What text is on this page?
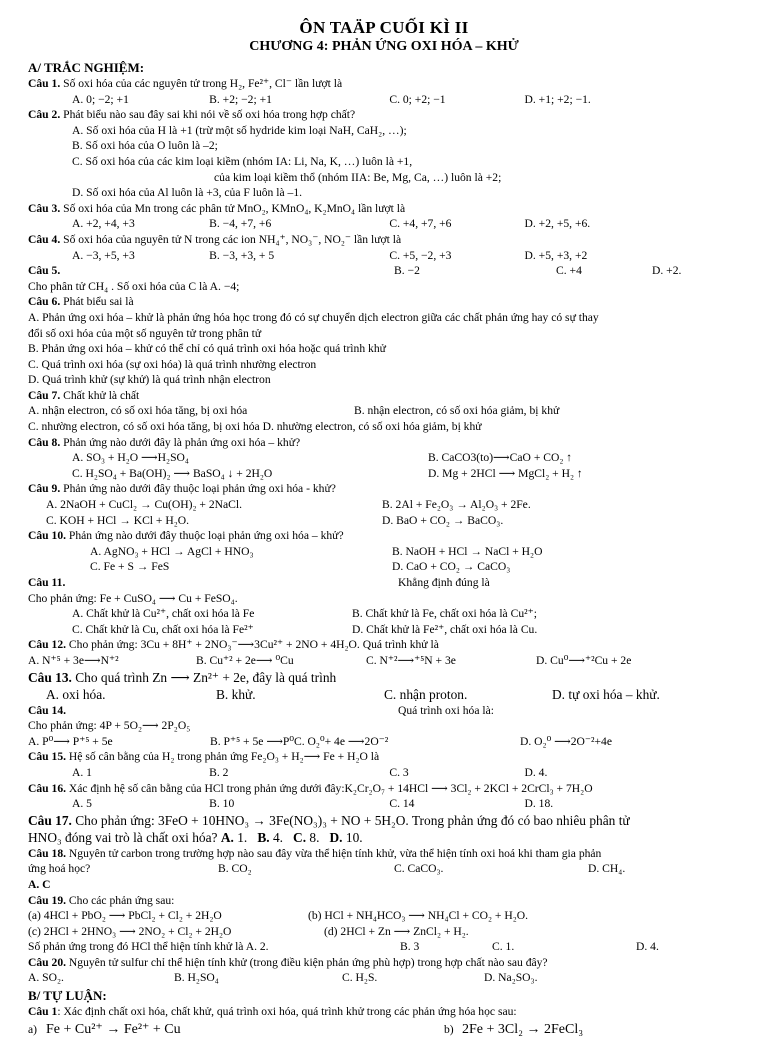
ÔN TAÄP CUỐI KÌ II
CHƯƠNG 4: PHẢN ỨNG OXI HÓA – KHỬ
A/ TRẮC NGHIỆM:
Câu 1. Số oxi hóa của các nguyên tử trong H₂, Fe²⁺, Cl⁻ lần lượt là
A. 0; −2; +1	B. +2; −2; +1	C. 0; +2; −1	D. +1; +2; −1.
Câu 2. Phát biểu nào sau đây sai khi nói về số oxi hóa trong hợp chất?
A. Số oxi hóa của H là +1 (trừ một số hydride kim loại NaH, CaH₂, …);
B. Số oxi hóa của O luôn là –2;
C. Số oxi hóa của các kim loại kiềm (nhóm IA: Li, Na, K, …) luôn là +1,
của kim loại kiềm thổ (nhóm IIA: Be, Mg, Ca, …) luôn là +2;
D. Số oxi hóa của Al luôn là +3, của F luôn là –1.
Câu 3. Số oxi hóa của Mn trong các phân tử MnO₂, KMnO₄, K₂MnO₄ lần lượt là
A. +2, +4, +3	B. −4, +7, +6	C. +4, +7, +6	D. +2, +5, +6.
Câu 4. Số oxi hóa của nguyên tử N trong các ion NH₄⁺, NO₃⁻, NO₂⁻ lần lượt là
A. −3, +5, +3	B. −3, +3, + 5	C. +5, −2, +3	D. +5, +3, +2
Câu 5.
Cho phân tử CH₄ . Số oxi hóa của C là A. −4;
B. −2	C. +4	D. +2.
Câu 6. Phát biểu sai là
A. Phản ứng oxi hóa – khử là phản ứng hóa học trong đó có sự chuyển dịch electron giữa các chất phản ứng hay có sự thay
đổi số oxi hóa của một số nguyên tử trong phân tử
B. Phản ứng oxi hóa – khử có thể chỉ có quá trình oxi hóa hoặc quá trình khử
C. Quá trình oxi hóa (sự oxi hóa) là quá trình nhường electron
D. Quá trình khử (sự khử) là quá trình nhận electron
Câu 7. Chất khử là chất
A. nhận electron, có số oxi hóa tăng, bị oxi hóa	B. nhận electron, có số oxi hóa giảm, bị khử
C. nhường electron, có số oxi hóa tăng, bị oxi hóa D. nhường electron, có số oxi hóa giảm, bị khử
Câu 8. Phản ứng nào dưới đây là phản ứng oxi hóa – khử?
A. SO₃ + H₂O ⟶H₂SO₄	B. CaCO3(to)⟶CaO + CO₂ ↑
C. H₂SO₄ + Ba(OH)₂ ⟶ BaSO₄ ↓ + 2H₂O	D. Mg + 2HCl ⟶ MgCl₂ + H₂ ↑
Câu 9. Phản ứng nào dưới đây thuộc loại phản ứng oxi hóa - khử?
A. 2NaOH + CuCl₂ → Cu(OH)₂ + 2NaCl.	B. 2Al + Fe₂O₃ → Al₂O₃ + 2Fe.
C. KOH + HCl → KCl + H₂O.	D. BaO + CO₂ → BaCO₃.
Câu 10. Phản ứng nào dưới đây thuộc loại phản ứng oxi hóa – khử?
A. AgNO₃ + HCl → AgCl + HNO₃	B. NaOH + HCl → NaCl + H₂O
C. Fe + S → FeS	D. CaO + CO₂ → CaCO₃
Câu 11.
Cho phản ứng: Fe + CuSO₄ ⟶ Cu + FeSO₄.
Khẳng định đúng là
A. Chất khử là Cu²⁺, chất oxi hóa là Fe	B. Chất khử là Fe, chất oxi hóa là Cu²⁺;
C. Chất khử là Cu, chất oxi hóa là Fe²⁺	D. Chất khử là Fe²⁺, chất oxi hóa là Cu.
Câu 12. Cho phản ứng: 3Cu + 8H⁺ + 2NO₃⁻⟶3Cu²⁺ + 2NO + 4H₂O. Quá trình khử là
A. N⁺⁵ + 3e⟶N⁺²	B. Cu⁺² + 2e⟶ ⁰Cu	C. N⁺²⟶⁺⁵N + 3e	D. Cu⁰⟶⁺²Cu + 2e
Câu 13. Cho quá trình Zn ⟶ Zn²⁺ + 2e, đây là quá trình
A. oxi hóa.	B. khử.	C. nhận proton.	D. tự oxi hóa – khử.
Câu 14.
Cho phản ứng: 4P + 5O₂⟶ 2P₂O₅
Quá trình oxi hóa là:
A. P⁰⟶ P⁺⁵ + 5e	B. P⁺⁵ + 5e ⟶P⁰C. O₂⁰+ 4e ⟶2O⁻²	D. O₂⁰ ⟶2O⁻²+4e
Câu 15. Hệ số cân bằng của H₂ trong phản ứng Fe₂O₃ + H₂⟶ Fe + H₂O là
A. 1	B. 2	C. 3	D. 4.
Câu 16. Xác định hệ số cân bằng của HCl trong phản ứng dưới đây:K₂Cr₂O₇ + 14HCl ⟶ 3Cl₂ + 2KCl + 2CrCl₃ + 7H₂O
A. 5	B. 10	C. 14	D. 18.
Câu 17. Cho phản ứng: 3FeO + 10HNO₃ → 3Fe(NO₃)₃ + NO + 5H₂O. Trong phản ứng đó có bao nhiêu phân tử
HNO₃ đóng vai trò là chất oxi hóa? A. 1. B. 4. C. 8. D. 10.
Câu 18. Nguyên tử carbon trong trường hợp nào sau đây vừa thể hiện tính khử, vừa thể hiện tính oxi hoá khi tham gia phản
ứng hoá học?
A. C
B. CO₂	C. CaCO₃.	D. CH₄.
Câu 19. Cho các phản ứng sau:
(a) 4HCl + PbO₂ ⟶ PbCl₂ + Cl₂ + 2H₂O	(b) HCl + NH₄HCO₃ ⟶ NH₄Cl + CO₂ + H₂O.
(c) 2HCl + 2HNO₃ ⟶ 2NO₂ + Cl₂ + 2H₂O	(d) 2HCl + Zn ⟶ ZnCl₂ + H₂.
Số phản ứng trong đó HCl thể hiện tính khử là A. 2.	B. 3	C. 1.	D. 4.
Câu 20. Nguyên tử sulfur chỉ thể hiện tính khử (trong điều kiện phản ứng phù hợp) trong hợp chất nào sau đây?
A. SO₂.	B. H₂SO₄	C. H₂S.	D. Na₂SO₃.
B/ TỰ LUẬN:
Câu 1: Xác định chất oxi hóa, chất khử, quá trình oxi hóa, quá trình khử trong các phản ứng hóa học sau:
a) Fe + Cu²⁺ → Fe²⁺ + Cu	b) 2Fe + 3Cl₂ → 2FeCl₃
